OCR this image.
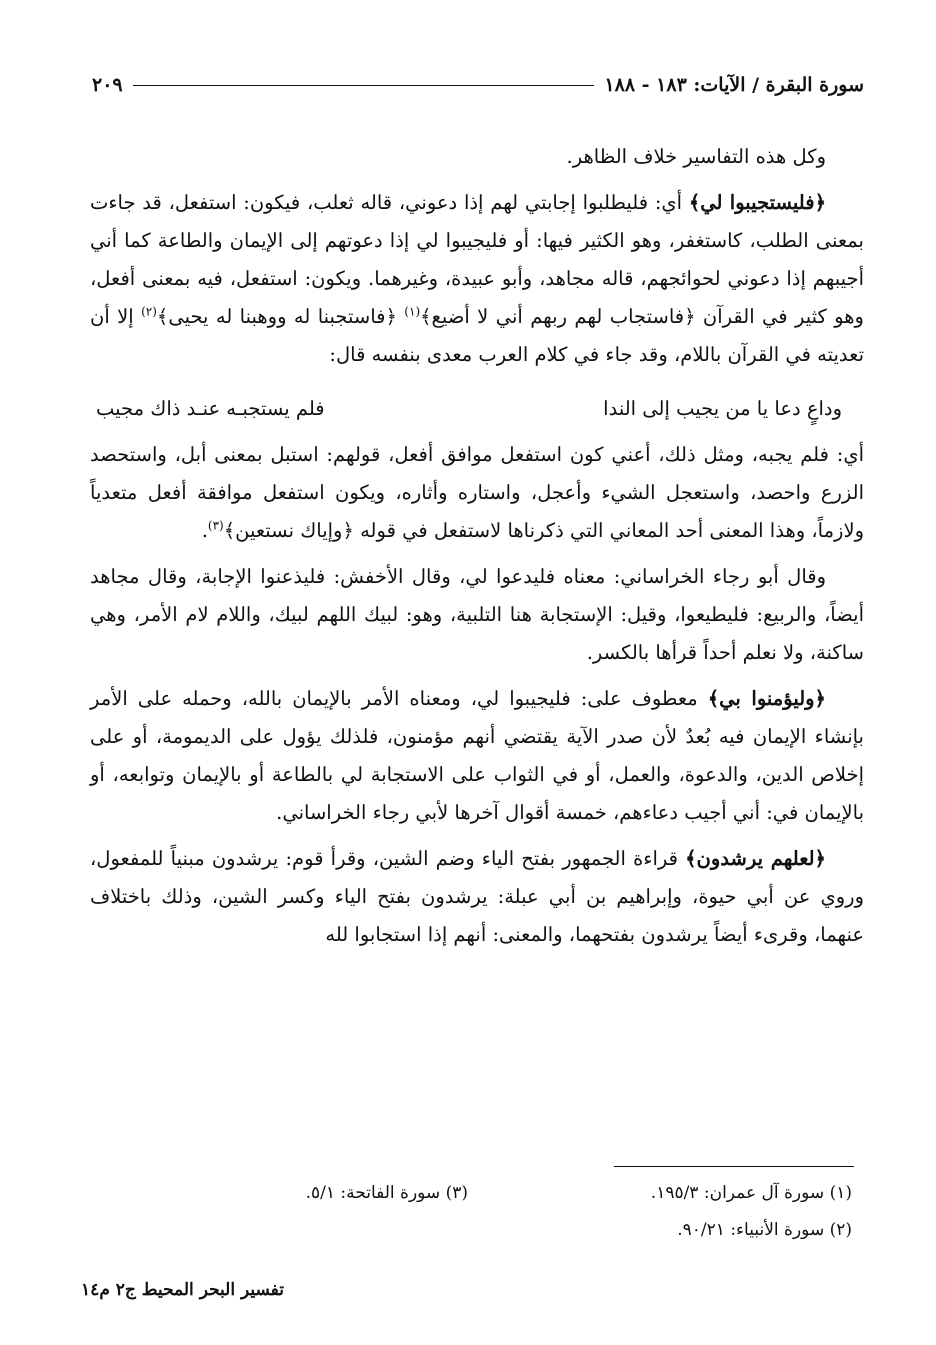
سورة البقرة / الآيات: ١٨٣ - ١٨٨
٢٠٩

وكل هذه التفاسير خلاف الظاهر.

﴿فليستجيبوا لي﴾ أي: فليطلبوا إجابتي لهم إذا دعوني، قاله ثعلب، فيكون: استفعل، قد جاءت بمعنى الطلب، كاستغفر، وهو الكثير فيها: أو فليجيبوا لي إذا دعوتهم إلى الإيمان والطاعة كما أني أجيبهم إذا دعوني لحوائجهم، قاله مجاهد، وأبو عبيدة، وغيرهما. ويكون: استفعل، فيه بمعنى أفعل، وهو كثير في القرآن ﴿فاستجاب لهم ربهم أني لا أضيع﴾$^{(١)}$ ﴿فاستجبنا له ووهبنا له يحيى﴾$^{(٢)}$ إلا أن تعديته في القرآن باللام، وقد جاء في كلام العرب معدى بنفسه قال:

وداعٍ دعا يا من يجيب إلى الندا
فلم يستجبـه عنـد ذاك مجيب

أي: فلم يجبه، ومثل ذلك، أعني كون استفعل موافق أفعل، قولهم: استبل بمعنى أبل، واستحصد الزرع واحصد، واستعجل الشيء وأعجل، واستاره وأثاره، ويكون استفعل موافقة أفعل متعدياً ولازماً، وهذا المعنى أحد المعاني التي ذكرناها لاستفعل في قوله ﴿وإياك نستعين﴾$^{(٣)}$.

وقال أبو رجاء الخراساني: معناه فليدعوا لي، وقال الأخفش: فليذعنوا الإجابة، وقال مجاهد أيضاً، والربيع: فليطيعوا، وقيل: الإستجابة هنا التلبية، وهو: لبيك اللهم لبيك، واللام لام الأمر، وهي ساكنة، ولا نعلم أحداً قرأها بالكسر.

﴿وليؤمنوا بي﴾ معطوف على: فليجيبوا لي، ومعناه الأمر بالإيمان بالله، وحمله على الأمر بإنشاء الإيمان فيه بُعدٌ لأن صدر الآية يقتضي أنهم مؤمنون، فلذلك يؤول على الديمومة، أو على إخلاص الدين، والدعوة، والعمل، أو في الثواب على الاستجابة لي بالطاعة أو بالإيمان وتوابعه، أو بالإيمان في: أني أجيب دعاءهم، خمسة أقوال آخرها لأبي رجاء الخراساني.

﴿لعلهم يرشدون﴾ قراءة الجمهور بفتح الياء وضم الشين، وقرأ قوم: يرشدون مبنياً للمفعول، وروي عن أبي حيوة، وإبراهيم بن أبي عبلة: يرشدون بفتح الياء وكسر الشين، وذلك باختلاف عنهما، وقرىء أيضاً يرشدون بفتحهما، والمعنى: أنهم إذا استجابوا لله

(١) سورة آل عمران: ١٩٥/٣.
(٢) سورة الأنبياء: ٩٠/٢١.
(٣) سورة الفاتحة: ٥/١.
تفسير البحر المحيط ج٢ م١٤
